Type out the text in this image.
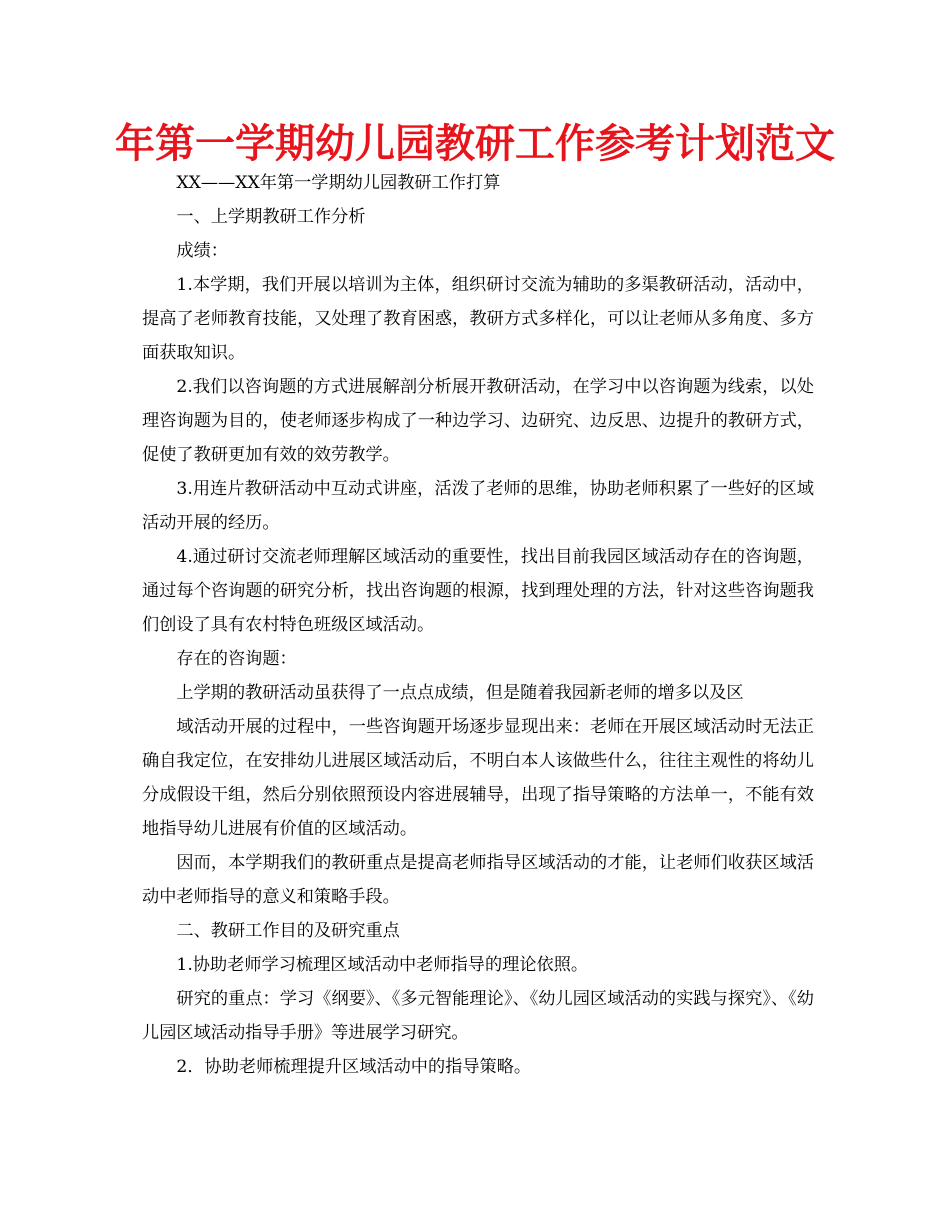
年第一学期幼儿园教研工作参考计划范文

XX——XX年第一学期幼儿园教研工作打算

一、上学期教研工作分析

成绩：

1.本学期，我们开展以培训为主体，组织研讨交流为辅助的多渠教研活动，活动中，提高了老师教育技能，又处理了教育困惑，教研方式多样化，可以让老师从多角度、多方面获取知识。

2.我们以咨询题的方式进展解剖分析展开教研活动，在学习中以咨询题为线索，以处理咨询题为目的，使老师逐步构成了一种边学习、边研究、边反思、边提升的教研方式，促使了教研更加有效的效劳教学。

3.用连片教研活动中互动式讲座，活泼了老师的思维，协助老师积累了一些好的区域活动开展的经历。

4.通过研讨交流老师理解区域活动的重要性，找出目前我园区域活动存在的咨询题，通过每个咨询题的研究分析，找出咨询题的根源，找到理处理的方法，针对这些咨询题我们创设了具有农村特色班级区域活动。

存在的咨询题：

上学期的教研活动虽获得了一点点成绩，但是随着我园新老师的增多以及区

域活动开展的过程中，一些咨询题开场逐步显现出来：老师在开展区域活动时无法正确自我定位，在安排幼儿进展区域活动后，不明白本人该做些什么，往往主观性的将幼儿分成假设干组，然后分别依照预设内容进展辅导，出现了指导策略的方法单一，不能有效地指导幼儿进展有价值的区域活动。

因而，本学期我们的教研重点是提高老师指导区域活动的才能，让老师们收获区域活动中老师指导的意义和策略手段。

二、教研工作目的及研究重点

1.协助老师学习梳理区域活动中老师指导的理论依照。

研究的重点：学习《纲要》、《多元智能理论》、《幼儿园区域活动的实践与探究》、《幼儿园区域活动指导手册》等进展学习研究。

2．协助老师梳理提升区域活动中的指导策略。
